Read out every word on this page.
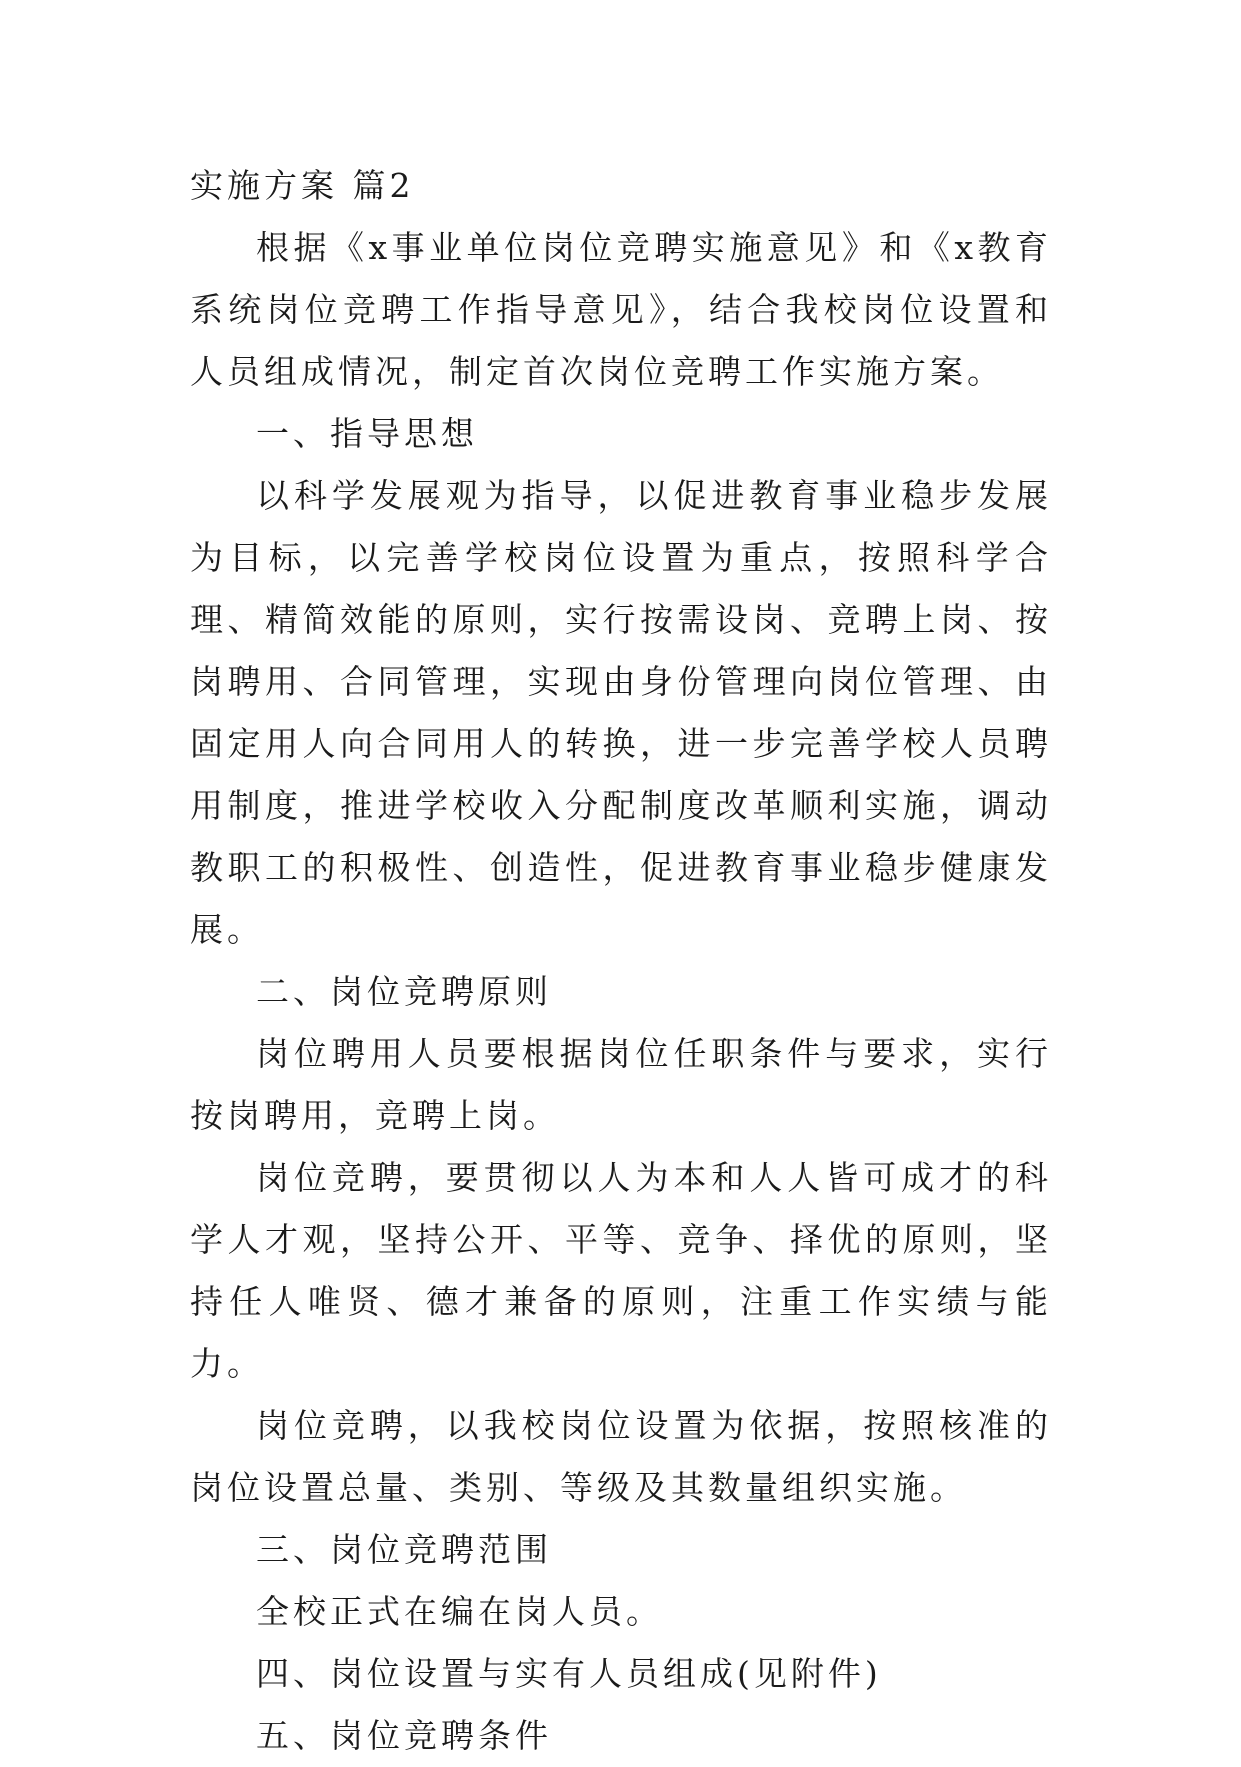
实施方案 篇2

根据《x事业单位岗位竞聘实施意见》和《x教育系统岗位竞聘工作指导意见》，结合我校岗位设置和人员组成情况，制定首次岗位竞聘工作实施方案。

一、指导思想

以科学发展观为指导，以促进教育事业稳步发展为目标，以完善学校岗位设置为重点，按照科学合理、精简效能的原则，实行按需设岗、竞聘上岗、按岗聘用、合同管理，实现由身份管理向岗位管理、由固定用人向合同用人的转换，进一步完善学校人员聘用制度，推进学校收入分配制度改革顺利实施，调动教职工的积极性、创造性，促进教育事业稳步健康发展。

二、岗位竞聘原则

岗位聘用人员要根据岗位任职条件与要求，实行按岗聘用，竞聘上岗。

岗位竞聘，要贯彻以人为本和人人皆可成才的科学人才观，坚持公开、平等、竞争、择优的原则，坚持任人唯贤、德才兼备的原则，注重工作实绩与能力。

岗位竞聘，以我校岗位设置为依据，按照核准的岗位设置总量、类别、等级及其数量组织实施。

三、岗位竞聘范围

全校正式在编在岗人员。

四、岗位设置与实有人员组成(见附件)
五、岗位竞聘条件
